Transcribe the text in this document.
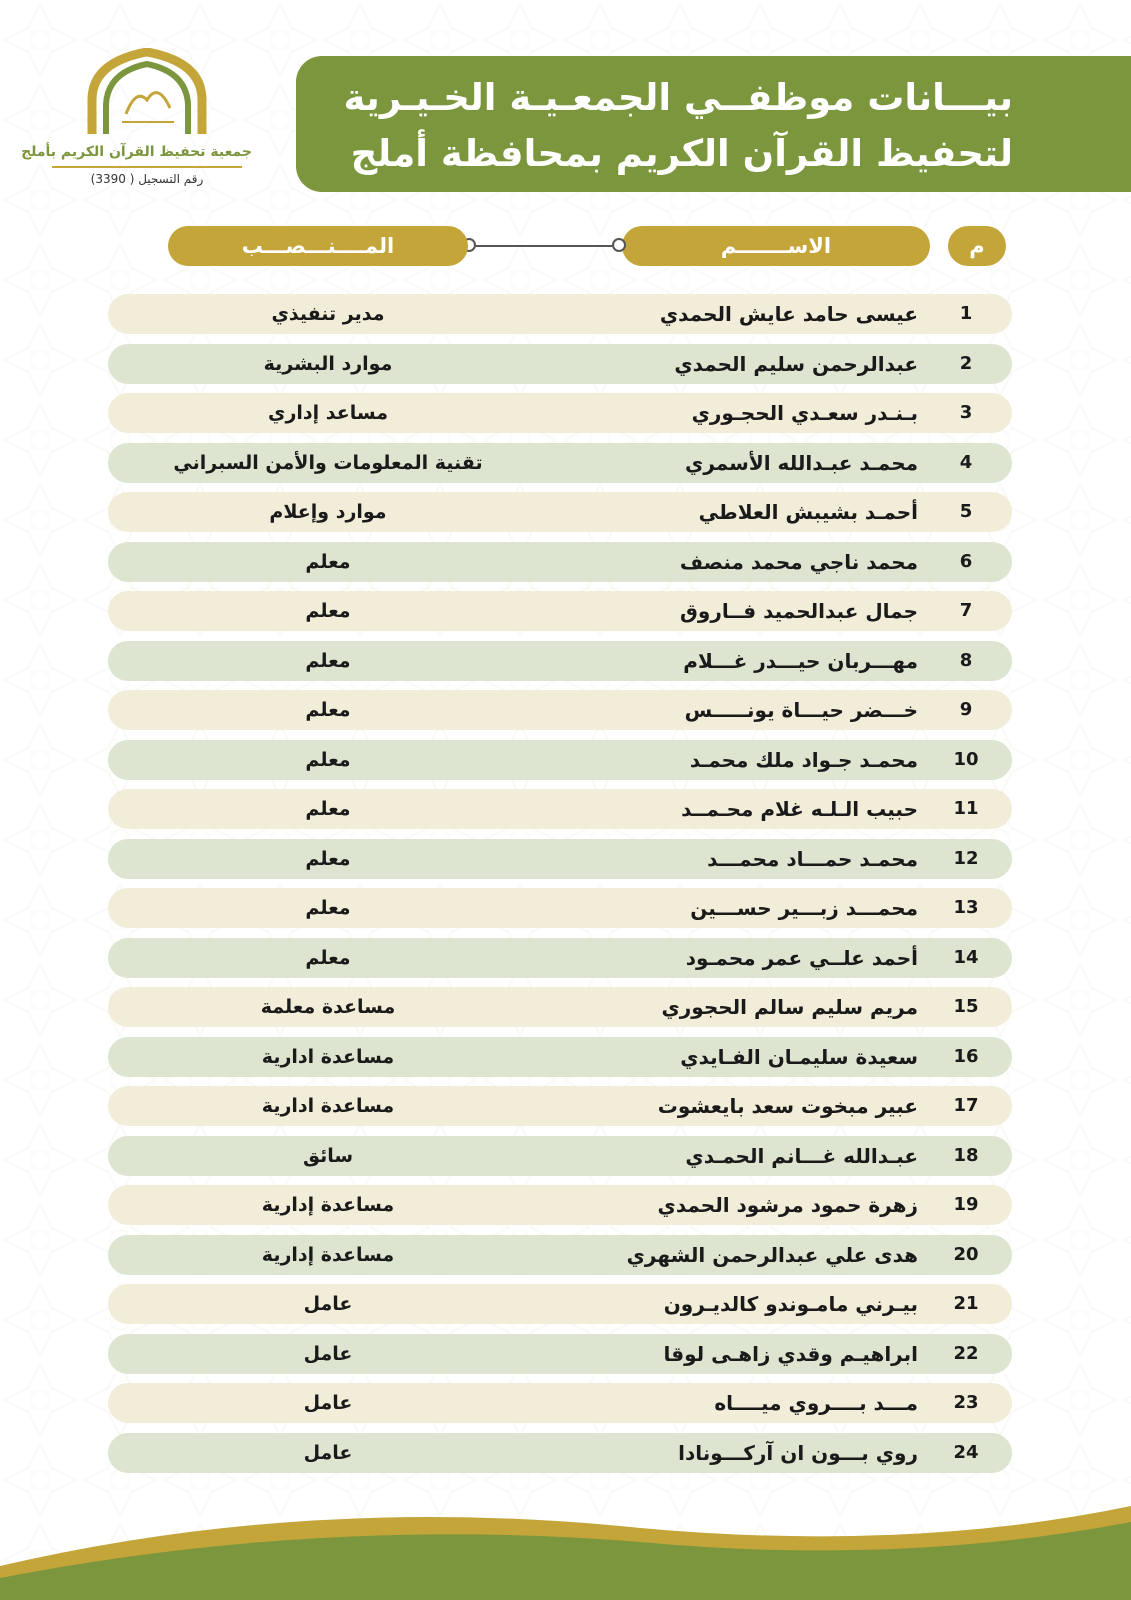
بيـــانات موظفــي الجمعـيـة الخـيـرية
لتحفيظ القرآن الكريم بمحافظة أملج
جمعية تحفيظ القرآن الكريم بأملج
رقم التسجيل ( 3390)
م
الاســـــــم
المــــنـــصـــب
1
عيسى حامد عايش الحمدي
مدير تنفيذي
2
عبدالرحمن سليم الحمدي
موارد البشرية
3
بـنـدر سعـدي الحجـوري
مساعد إداري
4
محمـد عبـدالله الأسمري
تقنية المعلومات والأمن السبراني
5
أحمـد بشيبش العلاطي
موارد وإعلام
6
محمد ناجي محمد منصف
معلم
7
جمال عبدالحميد فــاروق
معلم
8
مهـــربان حيـــدر غـــلام
معلم
9
خـــضر حيـــاة يونـــــس
معلم
10
محمـد جـواد ملك محمـد
معلم
11
حبيب الـلـه غلام محـمــد
معلم
12
محمـد حمـــاد محمـــد
معلم
13
محمـــد زبـــير حســـين
معلم
14
أحمد علــي عمر محمـود
معلم
15
مريم سليم سالم الحجوري
مساعدة معلمة
16
سعيدة سليمـان الفـايدي
مساعدة ادارية
17
عبير مبخوت سعد بايعشوت
مساعدة ادارية
18
عبـدالله غـــانم الحمـدي
سائق
19
زهرة حمود مرشود الحمدي
مساعدة إدارية
20
هدى علي عبدالرحمن الشهري
مساعدة إدارية
21
بيـرني مامـوندو كالديـرون
عامل
22
ابراهيـم وقدي زاهـى لوقا
عامل
23
مـــد بــــروي ميــــاه
عامل
24
روي بـــون ان آركـــونادا
عامل
